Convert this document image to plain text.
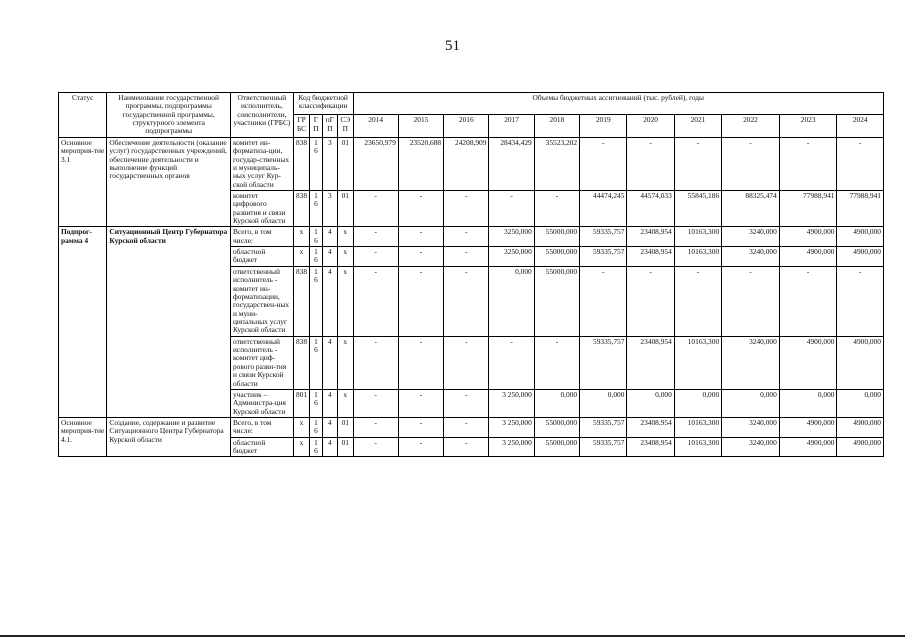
51
Статус	Наименование государственной программы, подпрограммы государственной программы, структурного элемента подпрограммы	Ответственный исполнитель, соисполнители, участники (ГРБС)	Код бюджетной классификации				Объемы бюджетных ассигнований (тыс. рублей), годы										

			ГРБС	ГП	пГП	СЭП	2014	2015	2016	2017	2018	2019	2020	2021	2022	2023	2024
Основное мероприя-тие 3.1	Обеспечение деятельности (оказание услуг) государственных учреждений, обеспечение деятельности и выполнение функций государственных органов	комитет ин-форматиза-ции, государ-ственных и муниципаль-ных услуг Кур-ской области	838	16	3	01	23650,979	23520,688	24208,909	28434,429	35523,202	-	-	-	-	-	-
		комитет цифрового развития и связи Курской области	838	16	3	01	-	-	-	-	-	44474,245	44574,033	55845,186	88325,474	77988,941	77988,941
Подпрог-рамма 4	Ситуационный Центр Губернатора Курской области	Всего, в том числе:	х	16	4	х	-	-	-	3250,000	55000,000	59335,757	23408,954	10163,300	3240,000	4900,000	4900,000
		областной бюджет	х	16	4	х	-	-	-	3250,000	55000,000	59335,757	23408,954	10163,300	3240,000	4900,000	4900,000
		ответственный исполнитель - комитет ин-форматизации, государствен-ных и муни-ципальных услуг Курской области	838	16	4	х	-	-	-	0,000	55000,000	-	-	-	-	-	-
		ответственный исполнитель - комитет циф-рового разви-тия и связи Курской области	838	16	4	х	-	-	-	-	-	59335,757	23408,954	10163,300	3240,000	4900,000	4900,000
		участник – Администра-ция Курской области	801	16	4	х	-	-	-	3 250,000	0,000	0,000	0,000	0,000	0,000	0,000	0,000
Основное мероприя-тие 4.1.	Создание, содержание и развитие Ситуационного Центра Губернатора Курской области	Всего, в том числе:	х	16	4	01	-	-	-	3 250,000	55000,000	59335,757	23408,954	10163,300	3240,000	4900,000	4900,000
		областной бюджет	х	16	4	01	-	-	-	3 250,000	55000,000	59335,757	23408,954	10163,300	3240,000	4900,000	4900,000
